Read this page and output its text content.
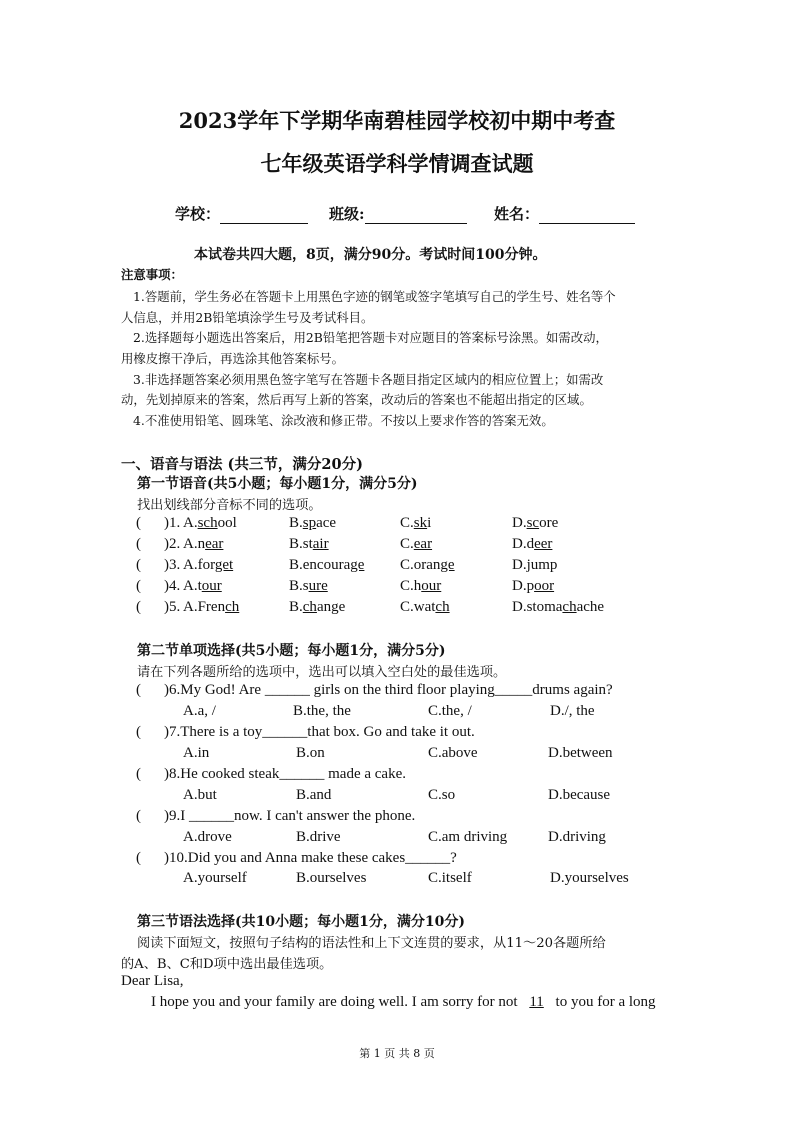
2023学年下学期华南碧桂园学校初中期中考查
七年级英语学科学情调查试题
学校：	班级:	姓名：
本试卷共四大题，8页，满分90分。考试时间100分钟。
注意事项：
1.答题前，学生务必在答题卡上用黑色字迹的钢笔或签字笔填写自己的学生号、姓名等个
人信息，并用2B铅笔填涂学生号及考试科目。
2.选择题每小题选出答案后，用2B铅笔把答题卡对应题目的答案标号涂黑。如需改动，
用橡皮擦干净后，再选涂其他答案标号。
3.非选择题答案必须用黑色签字笔写在答题卡各题目指定区域内的相应位置上；如需改
动，先划掉原来的答案，然后再写上新的答案，改动后的答案也不能超出指定的区域。
4.不准使用铅笔、圆珠笔、涂改液和修正带。不按以上要求作答的答案无效。
一、语音与语法 (共三节，满分20分)
第一节语音(共5小题；每小题1分，满分5分)
找出划线部分音标不同的选项。
( )1. A.school	B.space	C.ski	D.score
( )2. A.near	B.stair	C.ear	D.deer
( )3. A.forget	B.encourage C.orange	D.jump
( )4. A.tour	B.sure	C.hour	D.poor
( )5. A.French	B.change	C.watch	D.stomachache
第二节单项选择(共5小题；每小题1分，满分5分)
请在下列各题所给的选项中，选出可以填入空白处的最佳选项。
( )6.My God! Are ______ girls on the third floor playing_____drums again?
A.a, /	B.the, the	C.the, /	D./, the
( )7.There is a toy______that box. Go and take it out.
A.in	B.on	C.above	D.between
( )8.He cooked steak______ made a cake.
A.but	B.and	C.so	D.because
( )9.I ______now. I can't answer the phone.
A.drove	B.drive	C.am driving	D.driving
( )10.Did you and Anna make these cakes______?
A.yourself	B.ourselves	C.itself	D.yourselves
第三节语法选择(共10小题；每小题1分，满分10分)
阅读下面短文，按照句子结构的语法性和上下文连贯的要求，从11～20各题所给
的A、B、C和D项中选出最佳选项。
Dear Lisa,
I hope you and your family are doing well. I am sorry for not 11 to you for a long
第 1 页 共 8 页
